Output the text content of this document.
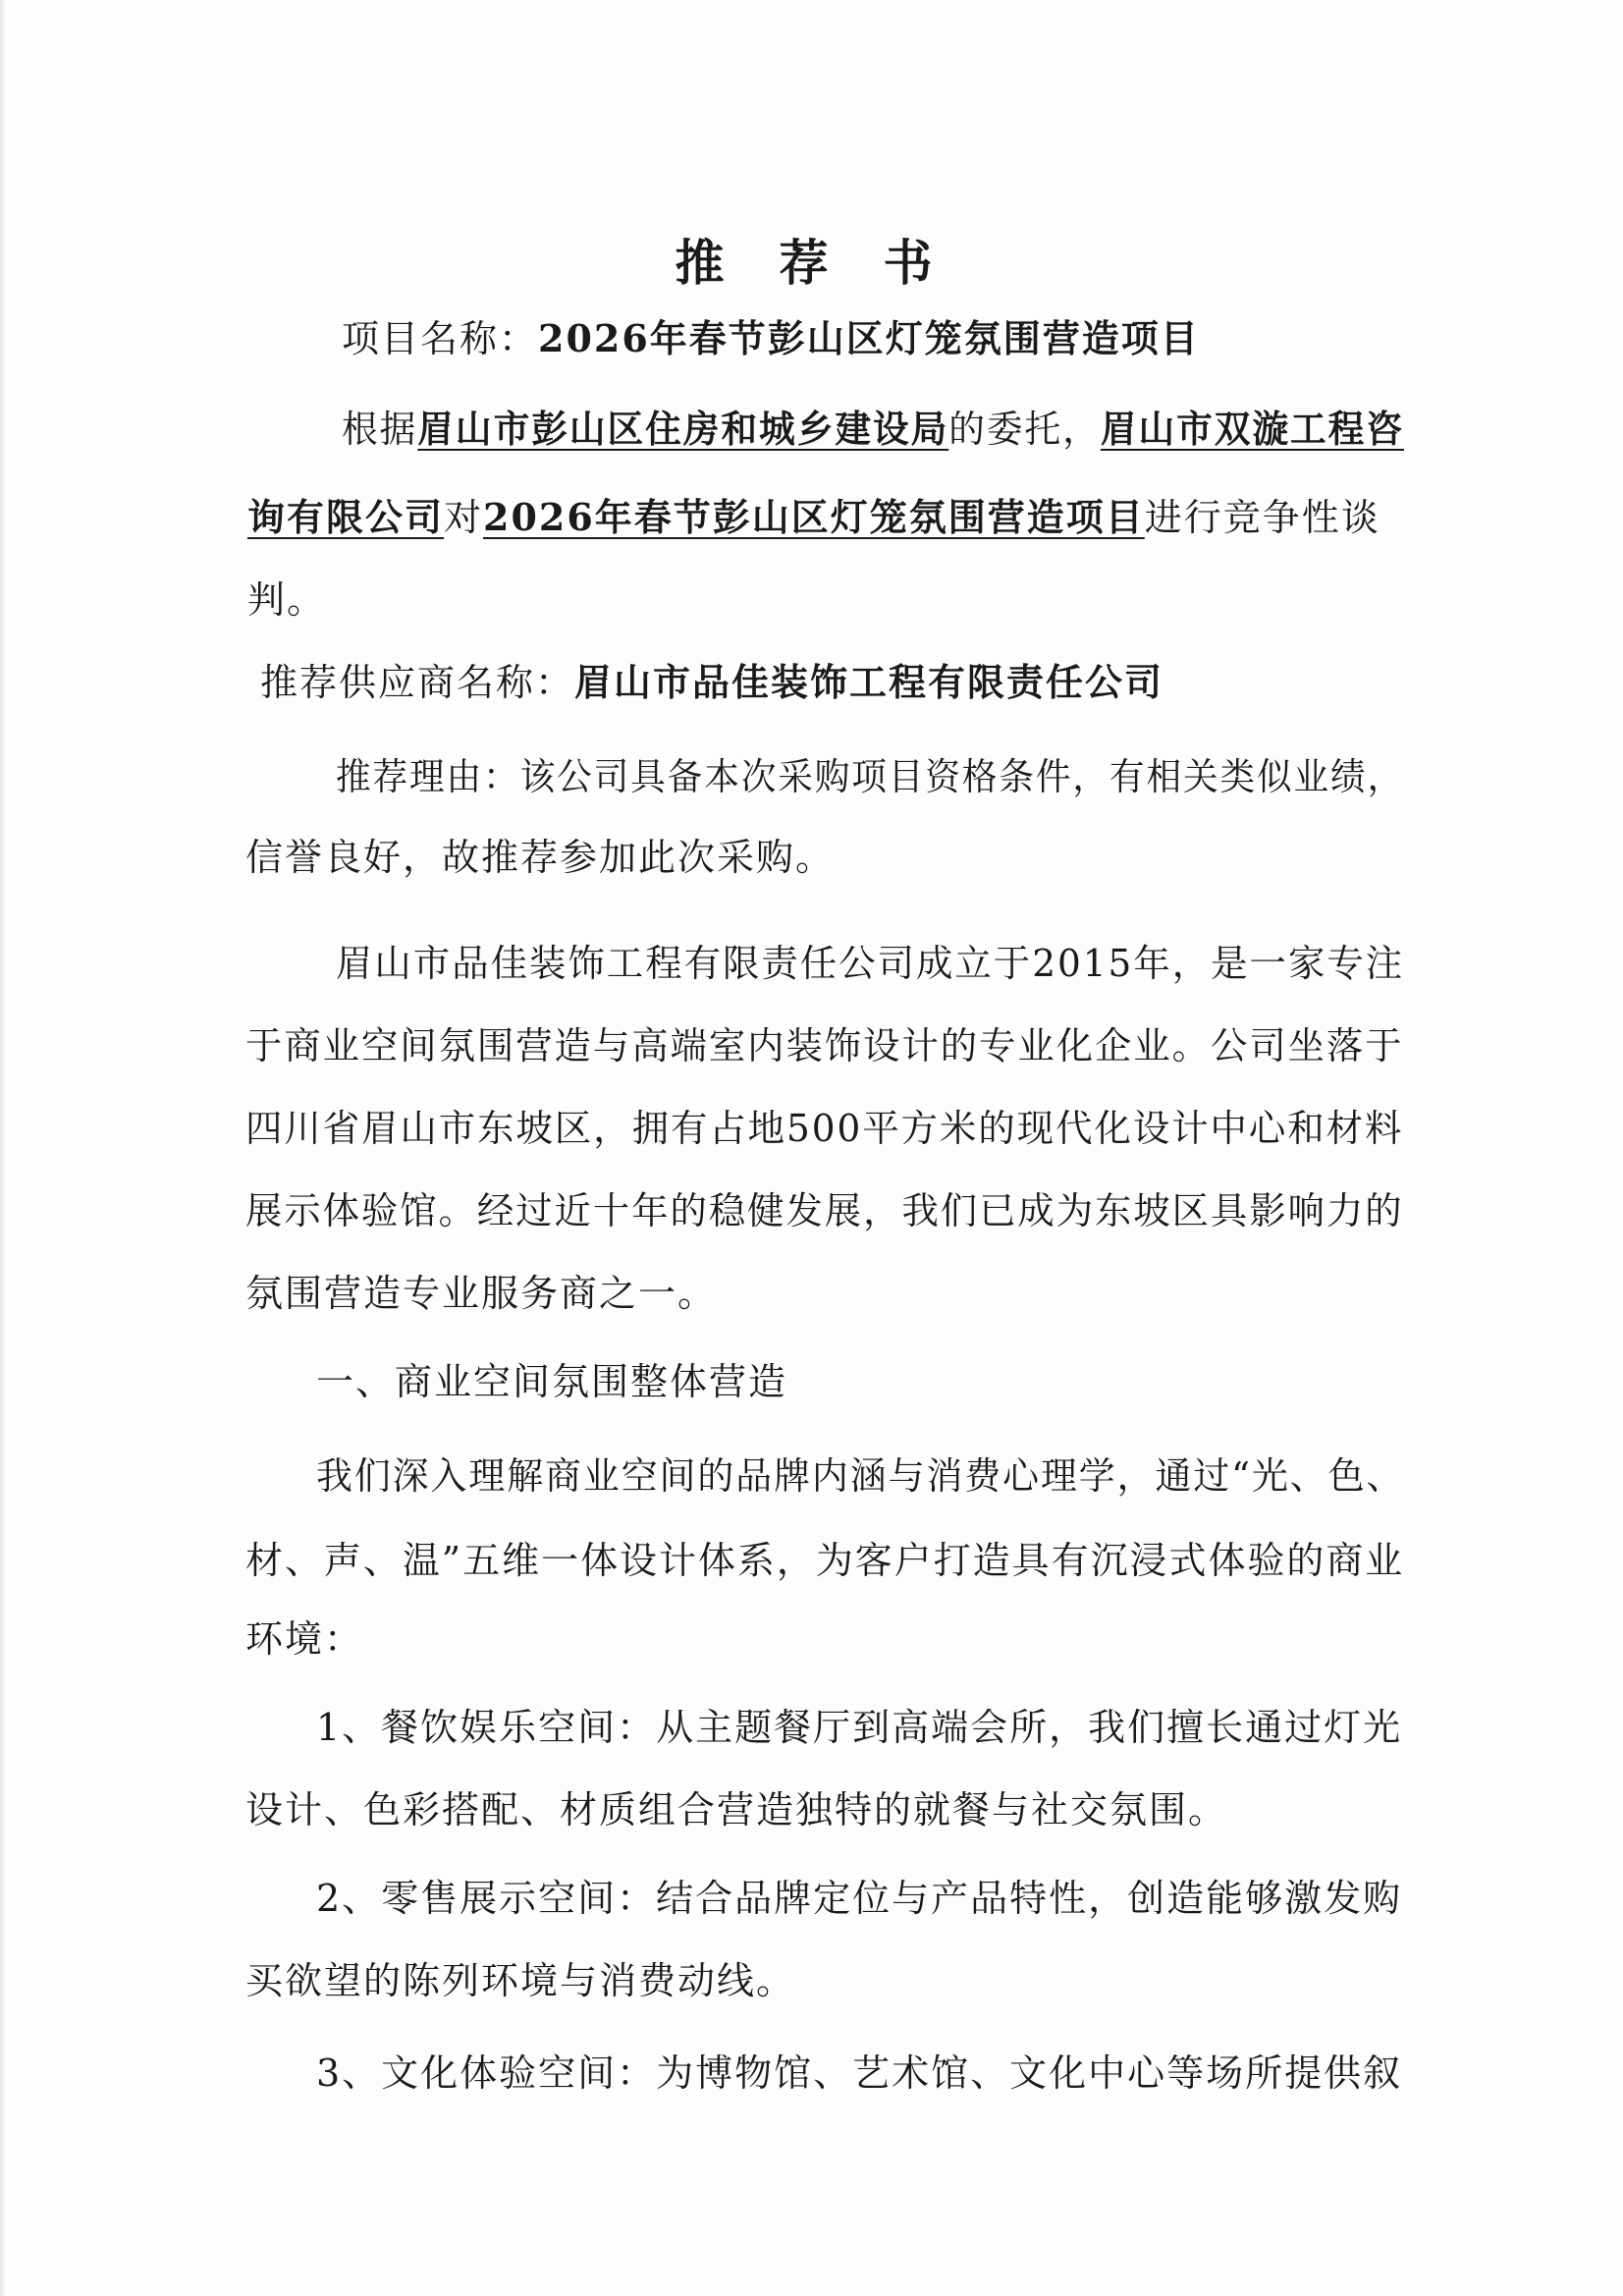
推荐书
项目名称：2026年春节彭山区灯笼氛围营造项目
根据眉山市彭山区住房和城乡建设局的委托，眉山市双漩工程咨
询有限公司对2026年春节彭山区灯笼氛围营造项目进行竞争性谈
判。
推荐供应商名称：眉山市品佳装饰工程有限责任公司
推荐理由：该公司具备本次采购项目资格条件，有相关类似业绩，
信誉良好，故推荐参加此次采购。
眉山市品佳装饰工程有限责任公司成立于2015年，是一家专注
于商业空间氛围营造与高端室内装饰设计的专业化企业。公司坐落于
四川省眉山市东坡区，拥有占地500平方米的现代化设计中心和材料
展示体验馆。经过近十年的稳健发展，我们已成为东坡区具影响力的
氛围营造专业服务商之一。
一、商业空间氛围整体营造
我们深入理解商业空间的品牌内涵与消费心理学，通过“光、色、
材、声、温”五维一体设计体系，为客户打造具有沉浸式体验的商业
环境：
1、餐饮娱乐空间：从主题餐厅到高端会所，我们擅长通过灯光
设计、色彩搭配、材质组合营造独特的就餐与社交氛围。
2、零售展示空间：结合品牌定位与产品特性，创造能够激发购
买欲望的陈列环境与消费动线。
3、文化体验空间：为博物馆、艺术馆、文化中心等场所提供叙
